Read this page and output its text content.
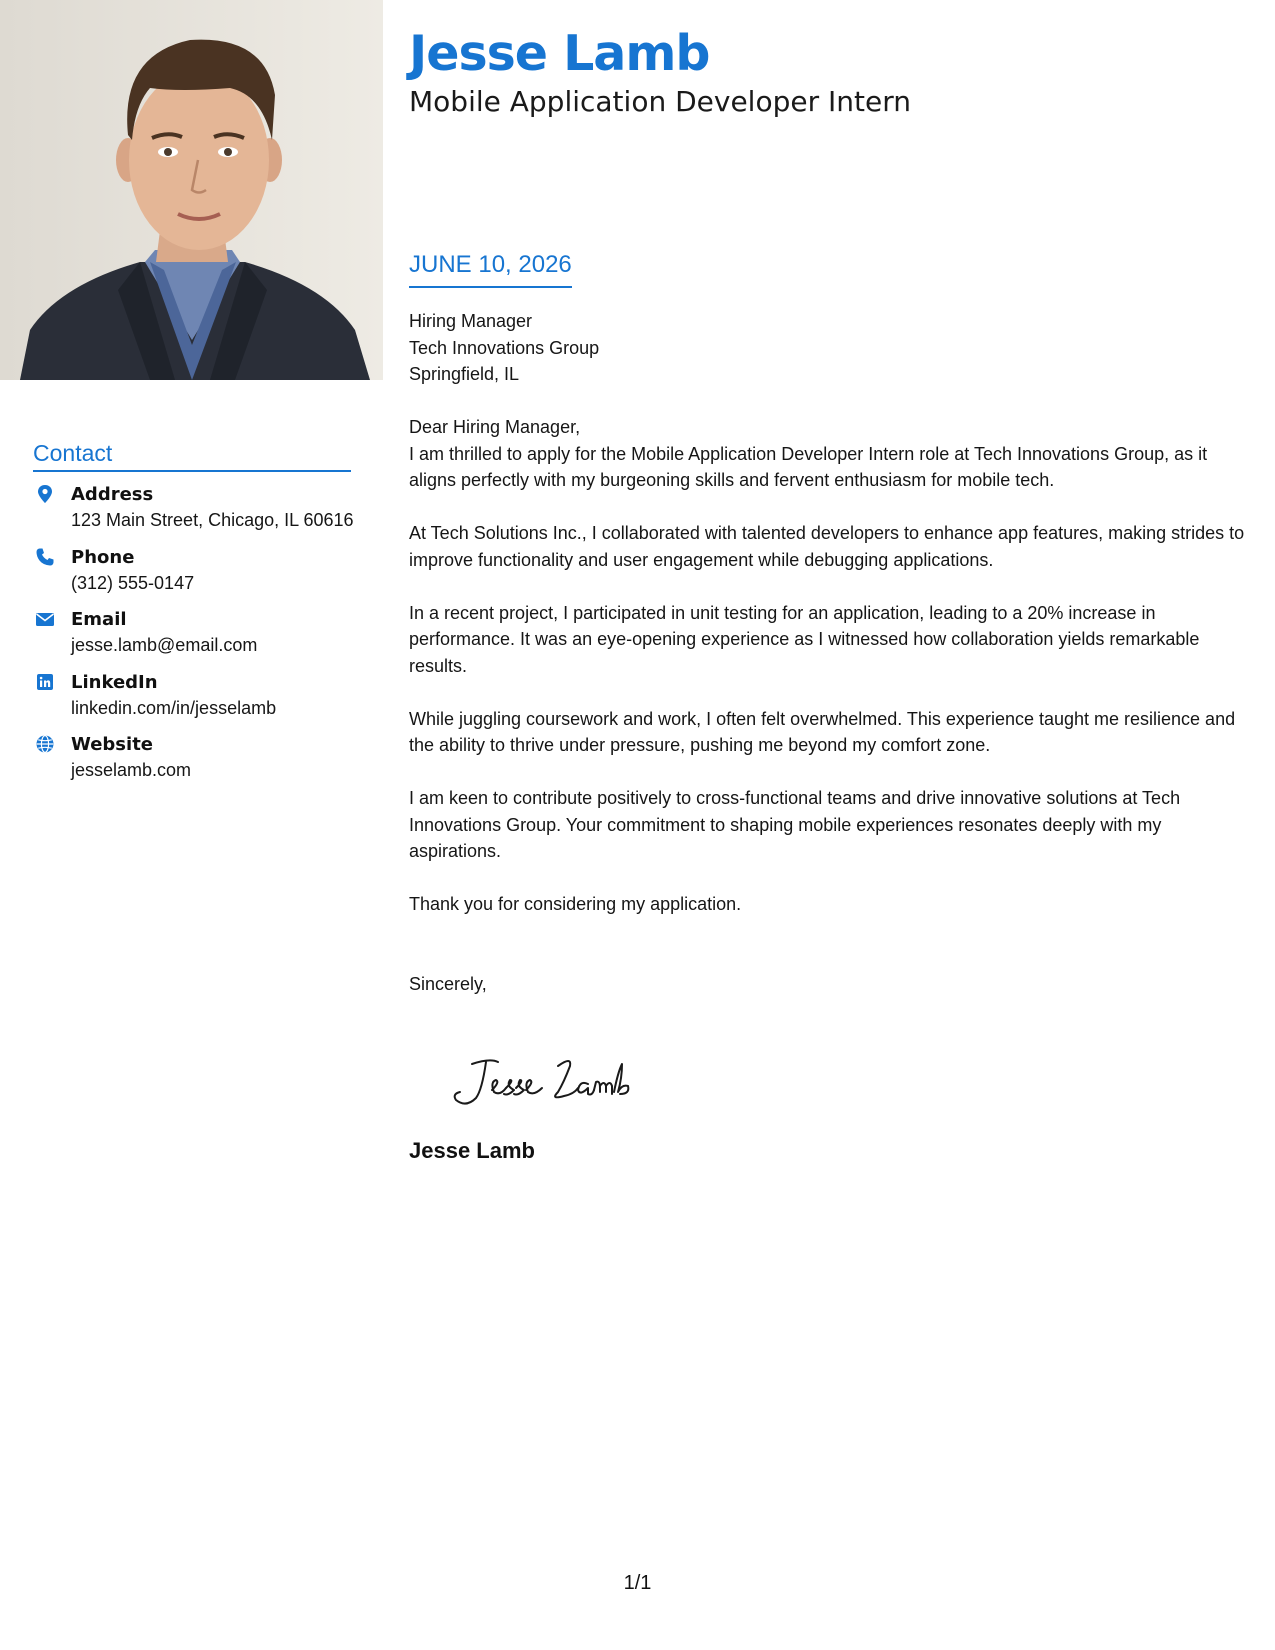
Jesse Lamb
Mobile Application Developer Intern
JUNE 10, 2026

Hiring Manager

Tech Innovations Group

Springfield, IL

Dear Hiring Manager,

I am thrilled to apply for the Mobile Application Developer Intern role at Tech Innovations Group, as it aligns perfectly with my burgeoning skills and fervent enthusiasm for mobile tech.

At Tech Solutions Inc., I collaborated with talented developers to enhance app features, making strides to improve functionality and user engagement while debugging applications.

In a recent project, I participated in unit testing for an application, leading to a 20% increase in performance. It was an eye-opening experience as I witnessed how collaboration yields remarkable results.

While juggling coursework and work, I often felt overwhelmed. This experience taught me resilience and the ability to thrive under pressure, pushing me beyond my comfort zone.

I am keen to contribute positively to cross-functional teams and drive innovative solutions at Tech Innovations Group. Your commitment to shaping mobile experiences resonates deeply with my aspirations.

Thank you for considering my application.

Sincerely,

Jesse Lamb
Contact
Address
123 Main Street, Chicago, IL 60616
Phone
(312) 555-0147
Email
jesse.lamb@email.com
LinkedIn
linkedin.com/in/jesselamb
Website
jesselamb.com
1/1
